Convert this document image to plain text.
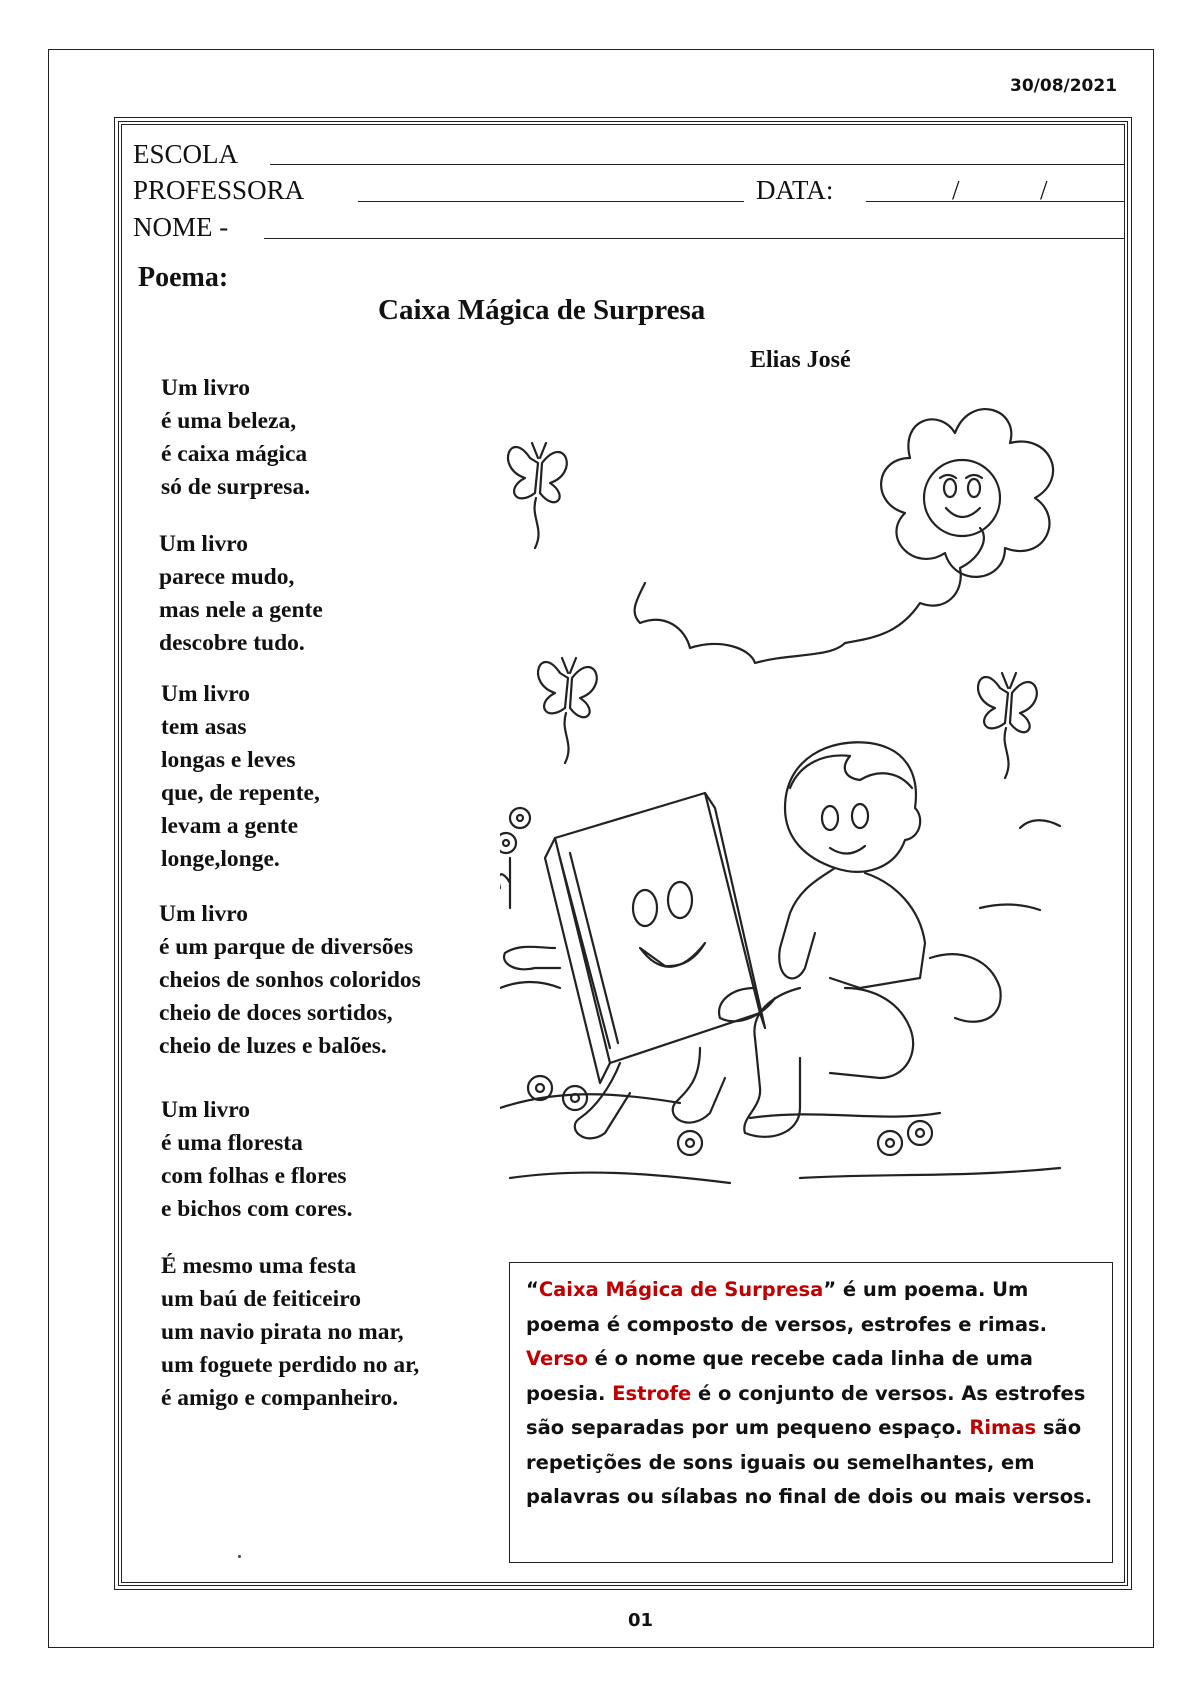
30/08/2021
ESCOLA
PROFESSORA	DATA:	/	/
NOME -
Poema:
Caixa Mágica de Surpresa
Elias José
Um livro
é uma beleza,
é caixa mágica
só de surpresa.
Um livro
parece mudo,
mas nele a gente
descobre tudo.
Um livro
tem asas
longas e leves
que, de repente,
levam a gente
longe,longe.
Um livro
é um parque de diversões
cheios de sonhos coloridos
cheio de doces sortidos,
cheio de luzes e balões.
Um livro
é uma floresta
com folhas e flores
e bichos com cores.
É mesmo uma festa
um baú de feiticeiro
um navio pirata no mar,
um foguete perdido no ar,
é amigo e companheiro.
“Caixa Mágica de Surpresa” é um poema. Um poema é composto de versos, estrofes e rimas. Verso é o nome que recebe cada linha de uma poesia. Estrofe é o conjunto de versos. As estrofes são separadas por um pequeno espaço. Rimas são repetições de sons iguais ou semelhantes, em palavras ou sílabas no final de dois ou mais versos.
01
